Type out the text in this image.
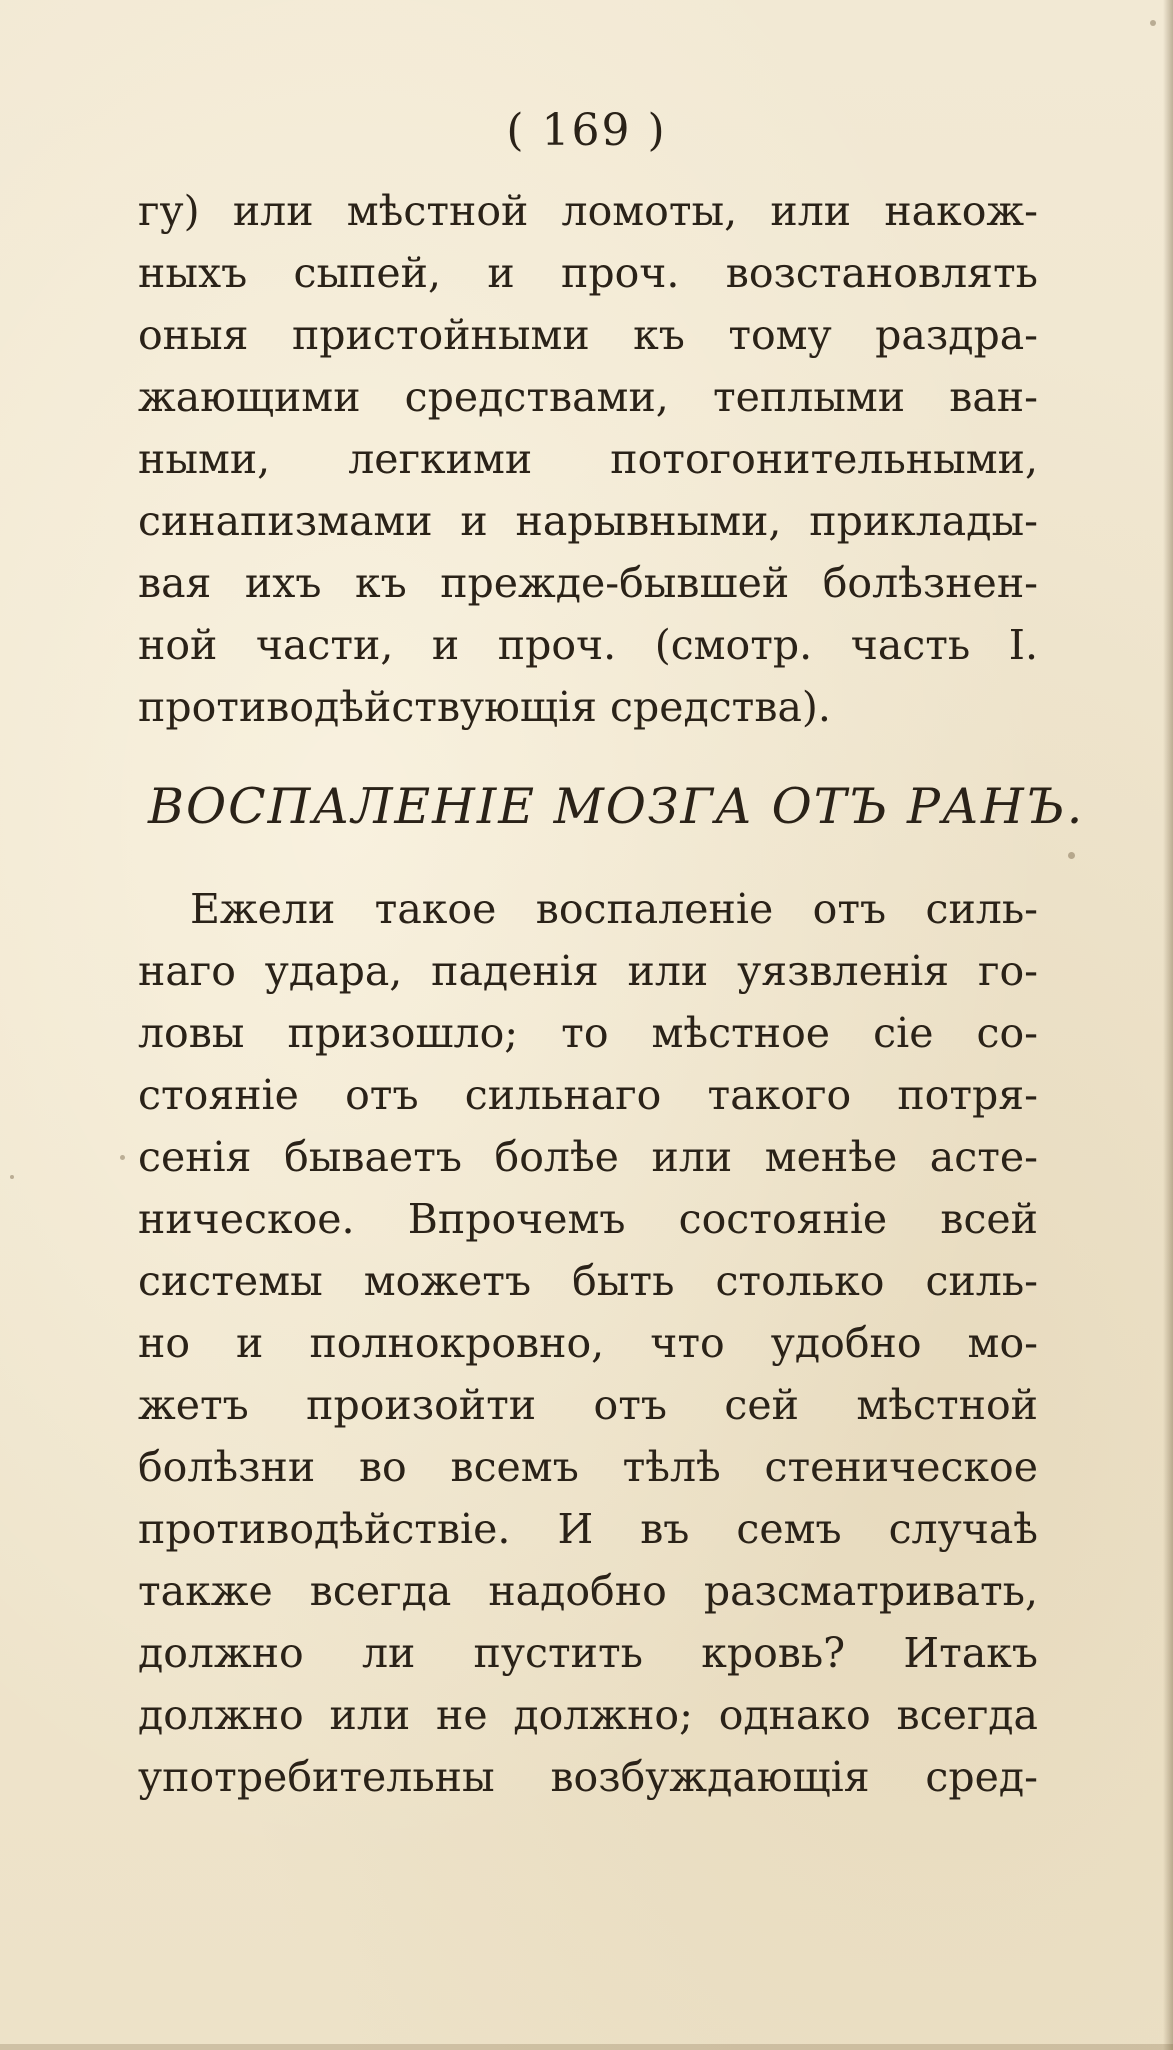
( 169 )
гу) или мѣстной ломоты, или накож-
ныхъ сыпей, и проч. возстановлять
оныя пристойными къ тому раздра-
жающими средствами, теплыми ван-
ными, легкими потогонительными,
синапизмами и нарывными, приклады-
вая ихъ къ прежде-бывшей болѣзнен-
ной части, и проч. (смотр. часть I.
противодѣйствующія средства).
ВОСПАЛЕНІЕ МОЗГА ОТЪ РАНЪ.
Ежели такое воспаленіе отъ силь-
наго удара, паденія или уязвленія го-
ловы призошло; то мѣстное сіе со-
стояніе отъ сильнаго такого потря-
сенія бываетъ болѣе или менѣе асте-
ническое. Впрочемъ состояніе всей
системы можетъ быть столько силь-
но и полнокровно, что удобно мо-
жетъ произойти отъ сей мѣстной
болѣзни во всемъ тѣлѣ стеническое
противодѣйствіе. И въ семъ случаѣ
также всегда надобно разсматривать,
должно ли пустить кровь? Итакъ
должно или не должно; однако всегда
употребительны возбуждающія сред-
